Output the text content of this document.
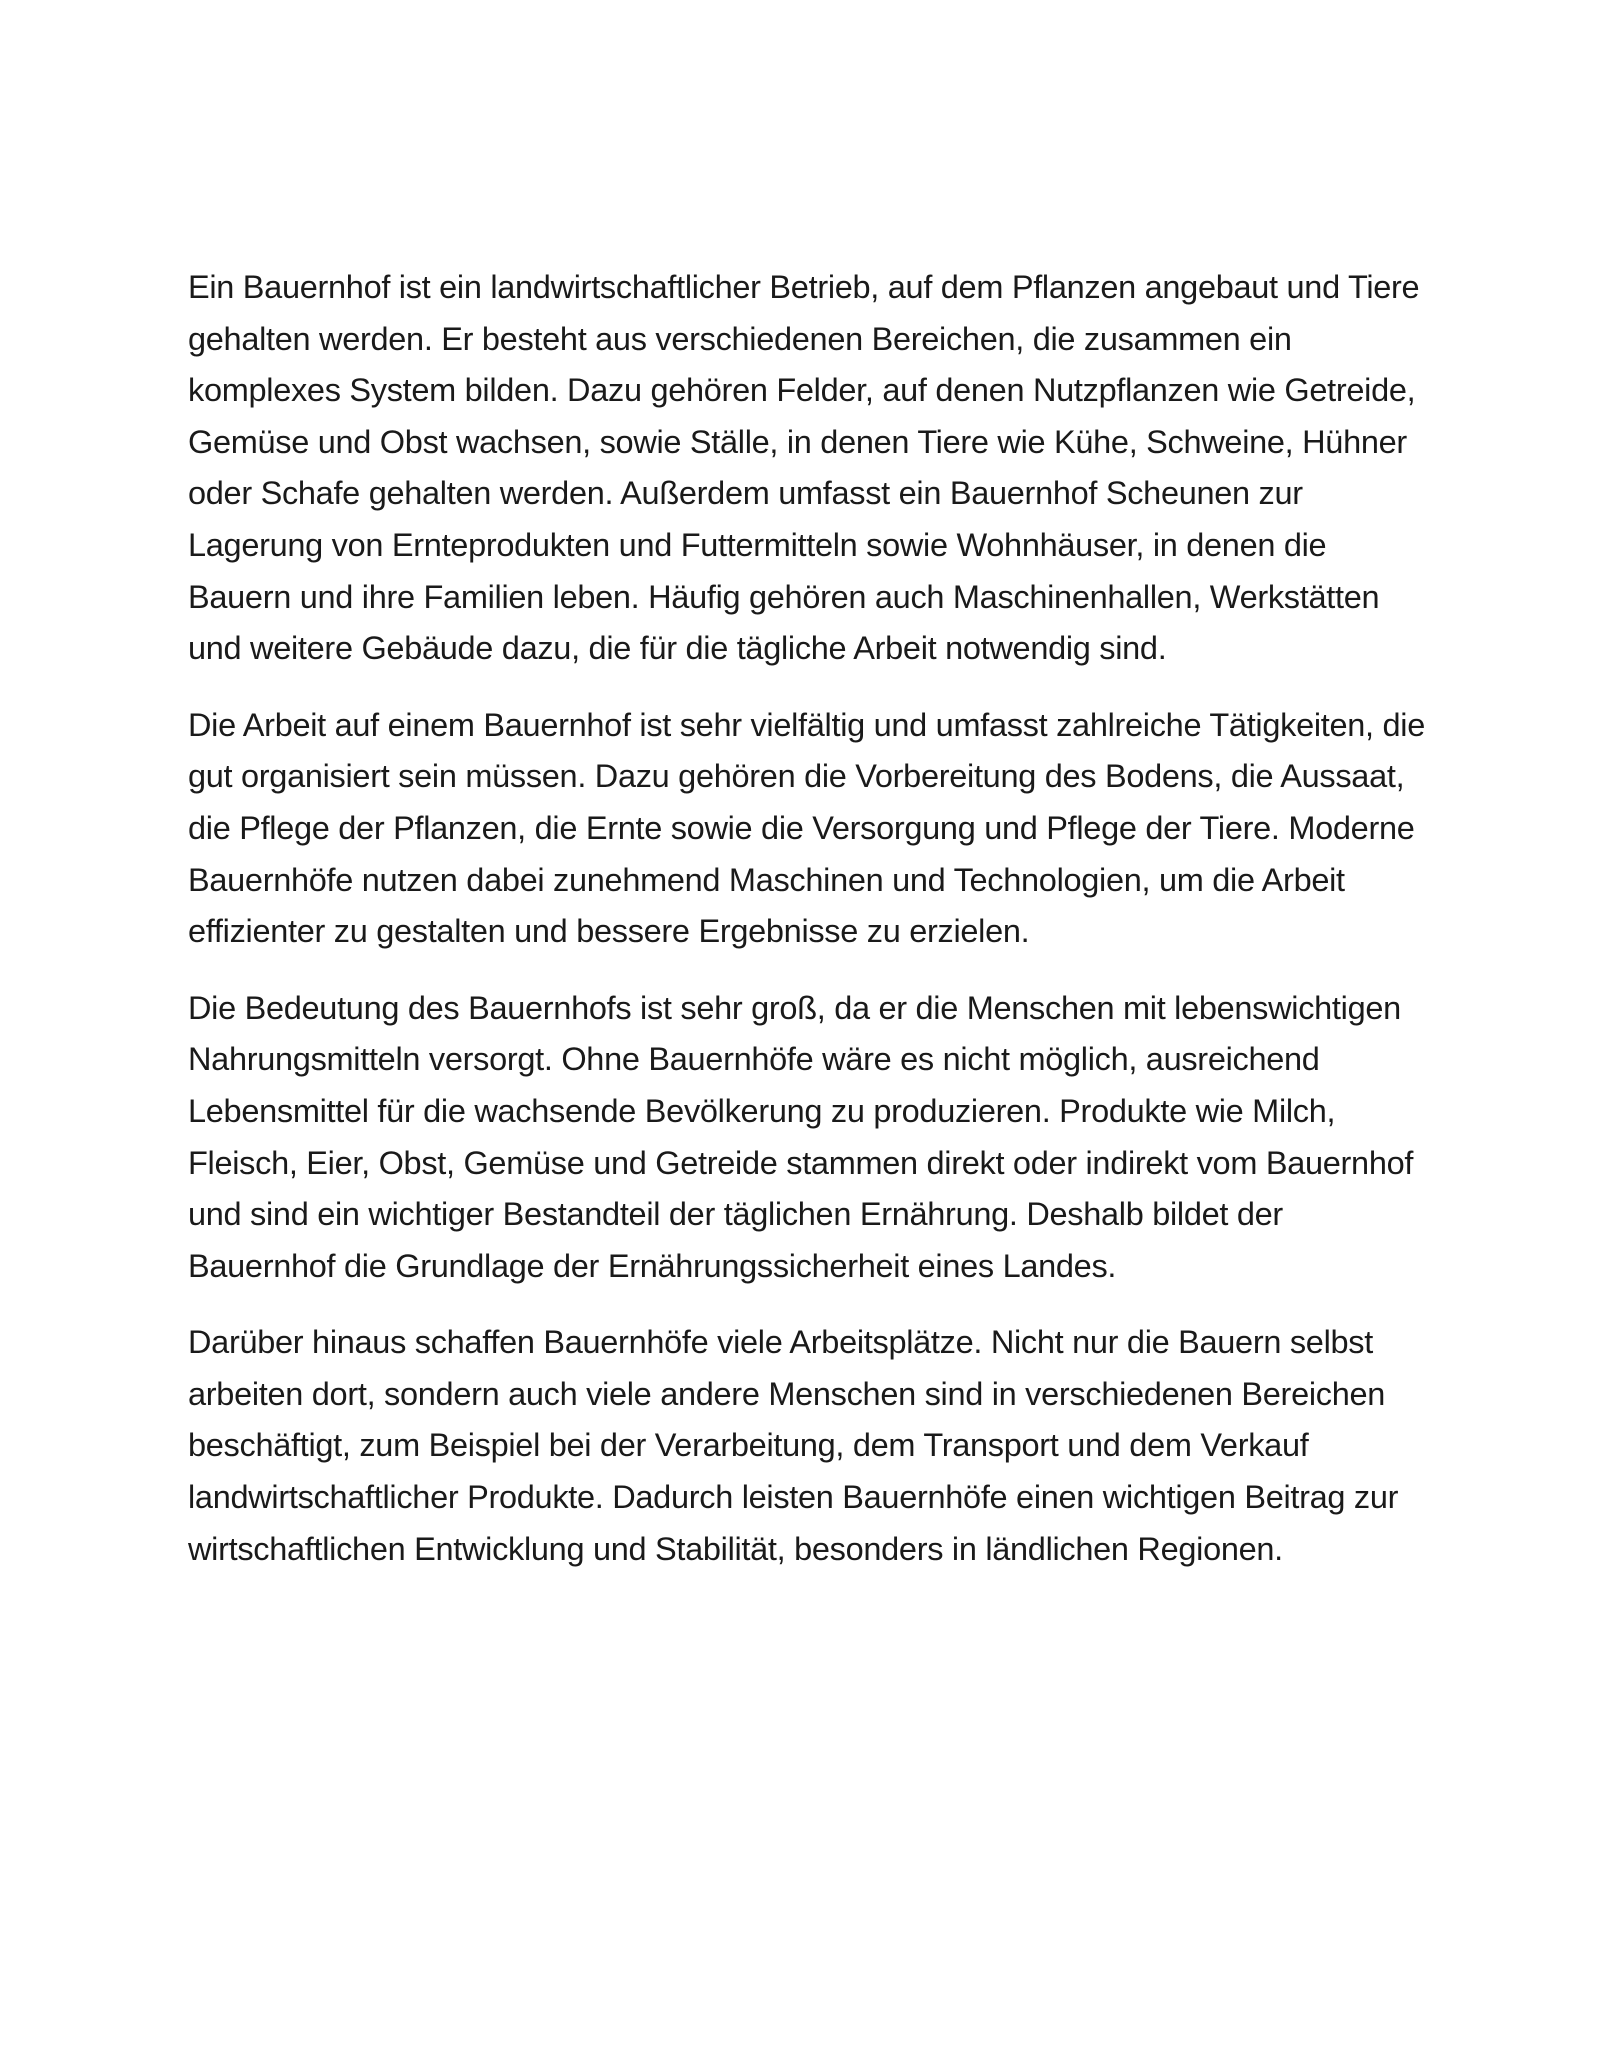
Ein Bauernhof ist ein landwirtschaftlicher Betrieb, auf dem Pflanzen angebaut und Tiere gehalten werden. Er besteht aus verschiedenen Bereichen, die zusammen ein komplexes System bilden. Dazu gehören Felder, auf denen Nutzpflanzen wie Getreide, Gemüse und Obst wachsen, sowie Ställe, in denen Tiere wie Kühe, Schweine, Hühner oder Schafe gehalten werden. Außerdem umfasst ein Bauernhof Scheunen zur Lagerung von Ernteprodukten und Futtermitteln sowie Wohnhäuser, in denen die Bauern und ihre Familien leben. Häufig gehören auch Maschinenhallen, Werkstätten und weitere Gebäude dazu, die für die tägliche Arbeit notwendig sind.

Die Arbeit auf einem Bauernhof ist sehr vielfältig und umfasst zahlreiche Tätigkeiten, die gut organisiert sein müssen. Dazu gehören die Vorbereitung des Bodens, die Aussaat, die Pflege der Pflanzen, die Ernte sowie die Versorgung und Pflege der Tiere. Moderne Bauernhöfe nutzen dabei zunehmend Maschinen und Technologien, um die Arbeit effizienter zu gestalten und bessere Ergebnisse zu erzielen.

Die Bedeutung des Bauernhofs ist sehr groß, da er die Menschen mit lebenswichtigen Nahrungsmitteln versorgt. Ohne Bauernhöfe wäre es nicht möglich, ausreichend Lebensmittel für die wachsende Bevölkerung zu produzieren. Produkte wie Milch, Fleisch, Eier, Obst, Gemüse und Getreide stammen direkt oder indirekt vom Bauernhof und sind ein wichtiger Bestandteil der täglichen Ernährung. Deshalb bildet der Bauernhof die Grundlage der Ernährungssicherheit eines Landes.

Darüber hinaus schaffen Bauernhöfe viele Arbeitsplätze. Nicht nur die Bauern selbst arbeiten dort, sondern auch viele andere Menschen sind in verschiedenen Bereichen beschäftigt, zum Beispiel bei der Verarbeitung, dem Transport und dem Verkauf landwirtschaftlicher Produkte. Dadurch leisten Bauernhöfe einen wichtigen Beitrag zur wirtschaftlichen Entwicklung und Stabilität, besonders in ländlichen Regionen.
